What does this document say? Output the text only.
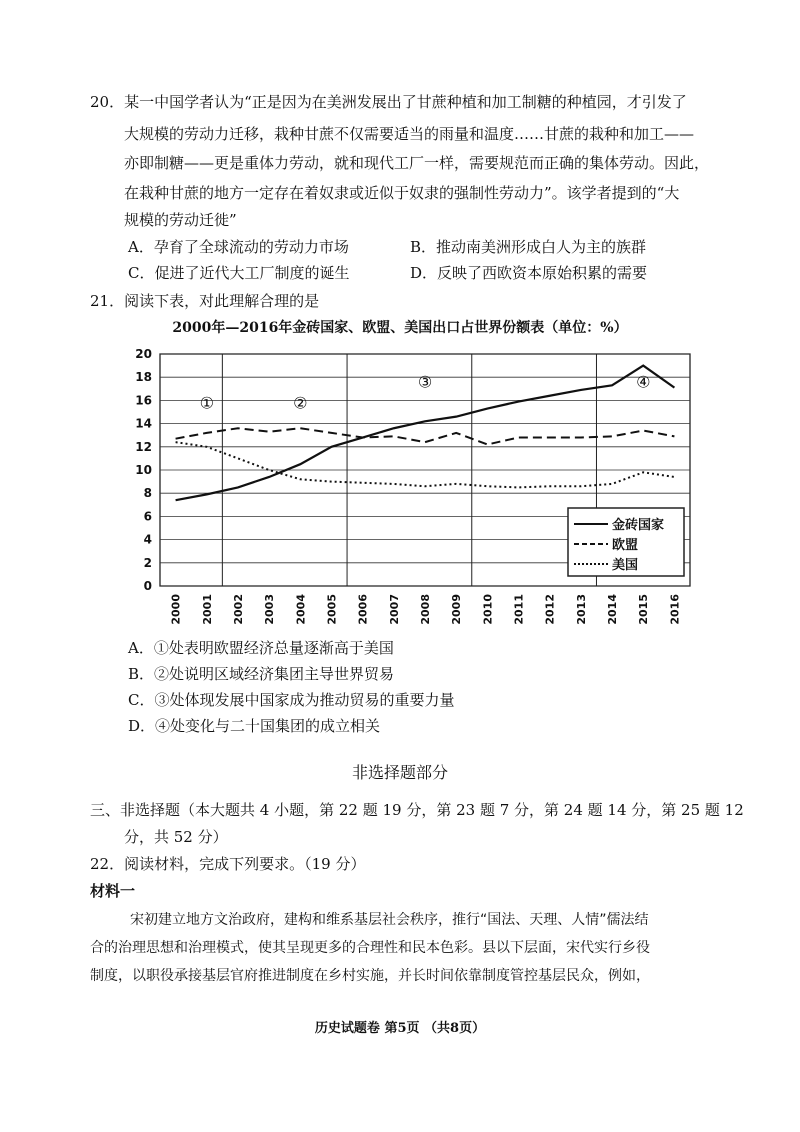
20．某一中国学者认为“正是因为在美洲发展出了甘蔗种植和加工制糖的种植园，才引发了
大规模的劳动力迁移，栽种甘蔗不仅需要适当的雨量和温度……甘蔗的栽种和加工——
亦即制糖——更是重体力劳动，就和现代工厂一样，需要规范而正确的集体劳动。因此，
在栽种甘蔗的地方一定存在着奴隶或近似于奴隶的强制性劳动力”。该学者提到的“大
规模的劳动迁徙”
A．孕育了全球流动的劳动力市场	B．推动南美洲形成白人为主的族群
C．促进了近代大工厂制度的诞生	D．反映了西欧资本原始积累的需要
21．阅读下表，对此理解合理的是
2000年—2016年金砖国家、欧盟、美国出口占世界份额表（单位：%）
0
2
4
6
8
10
12
14
16
18
20
2000 2001 2002 2003 2004 2005 2006 2007 2008 2009 2010 2011 2012 2013 2014 2015 2016
①	②
③	④
金砖国家
欧盟
美国
A．①处表明欧盟经济总量逐渐高于美国
B．②处说明区域经济集团主导世界贸易
C．③处体现发展中国家成为推动贸易的重要力量
D．④处变化与二十国集团的成立相关
非选择题部分
三、非选择题（本大题共 4 小题，第 22 题 19 分，第 23 题 7 分，第 24 题 14 分，第 25 题 12
分，共 52 分）
22．阅读材料，完成下列要求。（19 分）
材料一
宋初建立地方文治政府，建构和维系基层社会秩序，推行“国法、天理、人情”儒法结
合的治理思想和治理模式，使其呈现更多的合理性和民本色彩。县以下层面，宋代实行乡役
制度，以职役承接基层官府推进制度在乡村实施，并长时间依靠制度管控基层民众，例如，
历史试题卷 第5页 （共8页）
